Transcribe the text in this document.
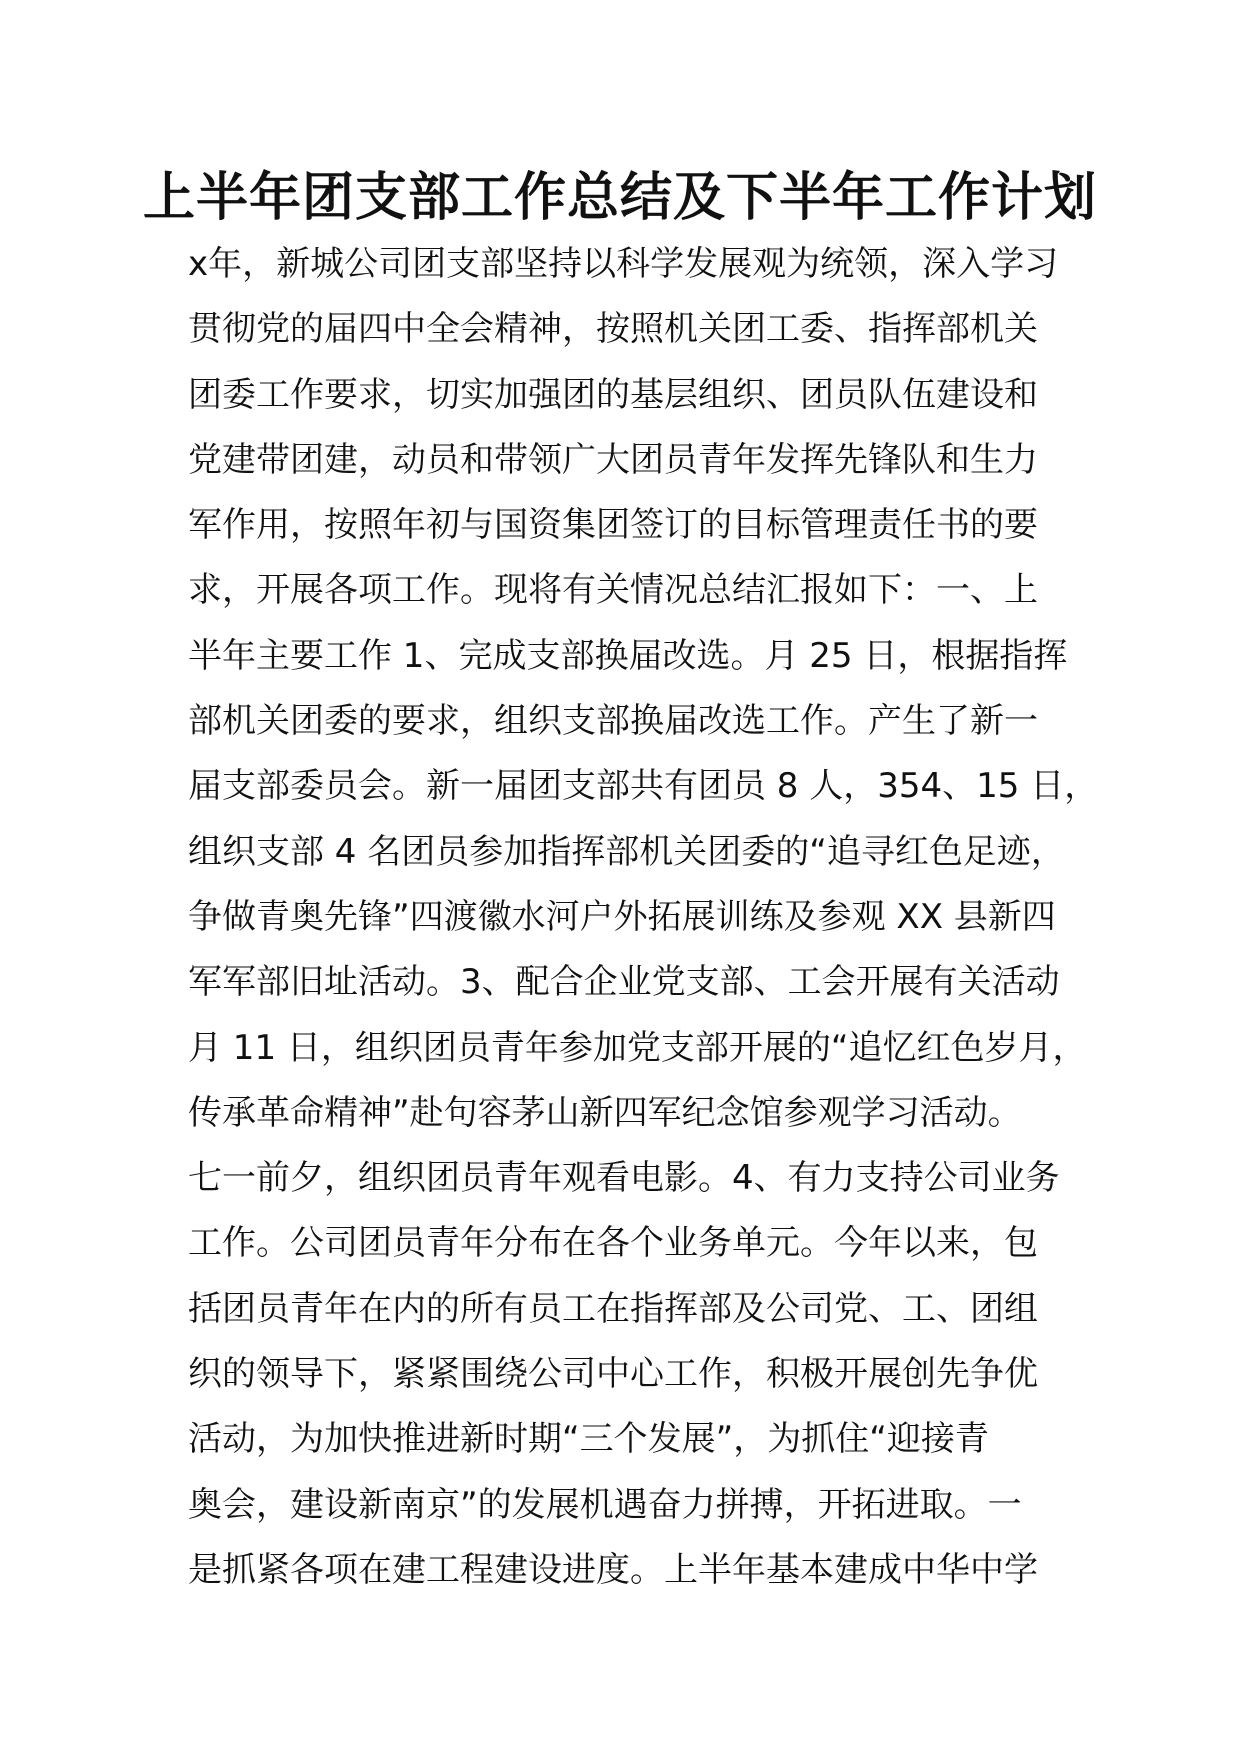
上半年团支部工作总结及下半年工作计划
x年，新城公司团支部坚持以科学发展观为统领，深入学习
贯彻党的届四中全会精神，按照机关团工委、指挥部机关
团委工作要求，切实加强团的基层组织、团员队伍建设和
党建带团建，动员和带领广大团员青年发挥先锋队和生力
军作用，按照年初与国资集团签订的目标管理责任书的要
求，开展各项工作。现将有关情况总结汇报如下：一、上
半年主要工作 1、完成支部换届改选。月 25 日，根据指挥
部机关团委的要求，组织支部换届改选工作。产生了新一
届支部委员会。新一届团支部共有团员 8 人，354、15 日，
组织支部 4 名团员参加指挥部机关团委的“追寻红色足迹，
争做青奥先锋”四渡徽水河户外拓展训练及参观 XX 县新四
军军部旧址活动。3、配合企业党支部、工会开展有关活动
月 11 日，组织团员青年参加党支部开展的“追忆红色岁月，
传承革命精神”赴句容茅山新四军纪念馆参观学习活动。
七一前夕，组织团员青年观看电影。4、有力支持公司业务
工作。公司团员青年分布在各个业务单元。今年以来，包
括团员青年在内的所有员工在指挥部及公司党、工、团组
织的领导下，紧紧围绕公司中心工作，积极开展创先争优
活动，为加快推进新时期“三个发展”，为抓住“迎接青
奥会，建设新南京”的发展机遇奋力拼搏，开拓进取。一
是抓紧各项在建工程建设进度。上半年基本建成中华中学
